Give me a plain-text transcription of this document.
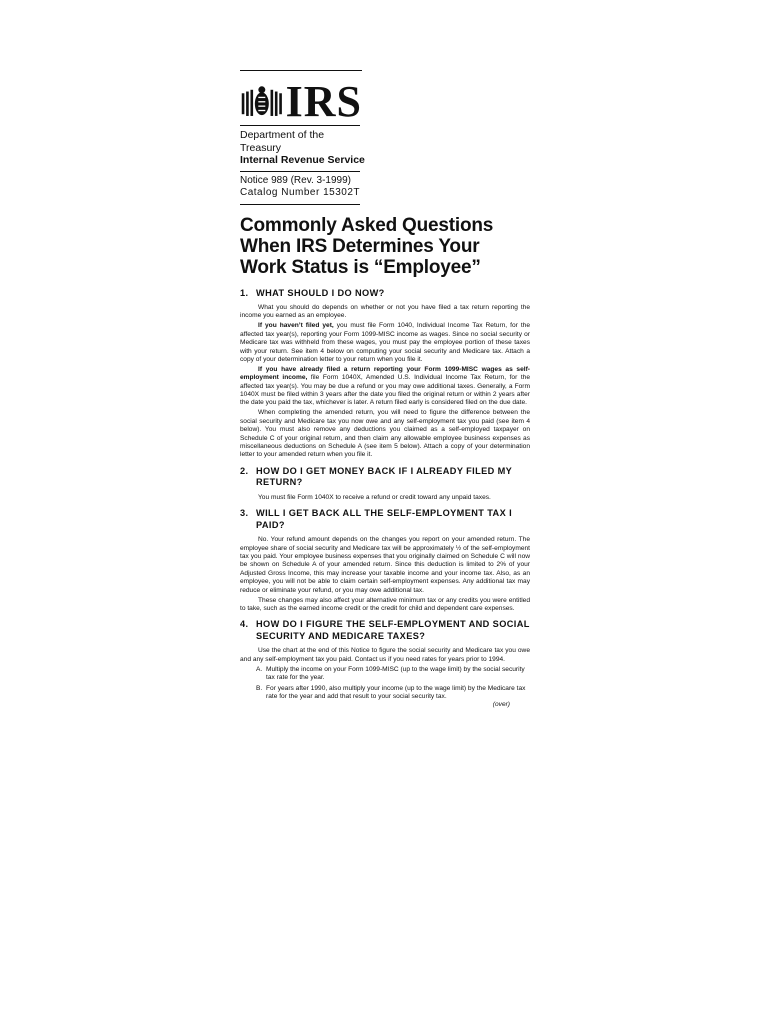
IRS
Department of the Treasury
Internal Revenue Service
Notice 989 (Rev. 3-1999)
Catalog Number 15302T
Commonly Asked Questions When IRS Determines Your Work Status is “Employee”
1. WHAT SHOULD I DO NOW?

What you should do depends on whether or not you have filed a tax return reporting the income you earned as an employee.

If you haven’t filed yet, you must file Form 1040, Individual Income Tax Return, for the affected tax year(s), reporting your Form 1099-MISC income as wages. Since no social security or Medicare tax was withheld from these wages, you must pay the employee portion of these taxes with your return. See item 4 below on computing your social security and Medicare tax. Attach a copy of your determination letter to your return when you file it.

If you have already filed a return reporting your Form 1099-MISC wages as self-employment income, file Form 1040X, Amended U.S. Individual Income Tax Return, for the affected tax year(s). You may be due a refund or you may owe additional taxes. Generally, a Form 1040X must be filed within 3 years after the date you filed the original return or within 2 years after the date you paid the tax, whichever is later. A return filed early is considered filed on the due date.

When completing the amended return, you will need to figure the difference between the social security and Medicare tax you now owe and any self-employment tax you paid (see item 4 below). You must also remove any deductions you claimed as a self-employed taxpayer on Schedule C of your original return, and then claim any allowable employee business expenses as miscellaneous deductions on Schedule A (see item 5 below). Attach a copy of your determination letter to your amended return when you file it.

2. HOW DO I GET MONEY BACK IF I ALREADY FILED MY RETURN?

You must file Form 1040X to receive a refund or credit toward any unpaid taxes.

3. WILL I GET BACK ALL THE SELF-EMPLOYMENT TAX I PAID?

No. Your refund amount depends on the changes you report on your amended return. The employee share of social security and Medicare tax will be approximately ½ of the self-employment tax you paid. Your employee business expenses that you originally claimed on Schedule C will now be shown on Schedule A of your amended return. Since this deduction is limited to 2% of your Adjusted Gross Income, this may increase your taxable income and your income tax. Also, as an employee, you will not be able to claim certain self-employment expenses. Any additional tax may reduce or eliminate your refund, or you may owe additional tax.

These changes may also affect your alternative minimum tax or any credits you were entitled to take, such as the earned income credit or the credit for child and dependent care expenses.

4. HOW DO I FIGURE THE SELF-EMPLOYMENT AND SOCIAL SECURITY AND MEDICARE TAXES?

Use the chart at the end of this Notice to figure the social security and Medicare tax you owe and any self-employment tax you paid. Contact us if you need rates for years prior to 1994.

A. Multiply the income on your Form 1099-MISC (up to the wage limit) by the social security tax rate for the year.
B. For years after 1990, also multiply your income (up to the wage limit) by the Medicare tax rate for the year and add that result to your social security tax.
(over)
